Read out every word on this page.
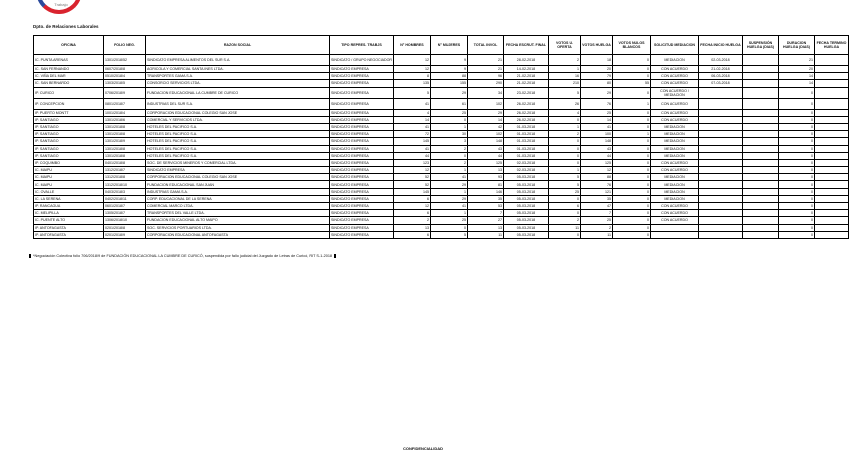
Trabajo
Dpto. de Relaciones Laborales
OFICINA	FOLIO NEG.	RAZON SOCIAL	TIPO REPRES. TRABJS	N° HOMBRES	N° MUJERES	TOTAL INVOL	FECHA ESCRUT. FINAL	VOTOS U. OFERTA	VOTOS HUELGA	VOTOS NULOS BLANCOS	SOLICITUD MEDIACION	FECHA INICIO HUELGA	SUSPENSIÓN HUELGA (DIAS)	DURACION HUELGA (DIAS)	FECHA TERMINO HUELGA
IC. PUNTA ARENAS	1301/2018/52	SINDICATO EMPRESA ALIMENTOS DEL SUR S.A.	SINDICATO / GRUPO NEGOCIADOR	12	9	21	28-02-2018	2	18	0	MEDIACION	02-03-2018		21	
IC. SAN FERNANDO	0607/2018/8	AGRICOLA Y COMERCIAL SANTA INES LTDA.	SINDICATO EMPRESA	12	9	21	14-02-2018	1	20	0	CON ACUERDO	21-02-2018		20	
IC. VIÑA DEL MAR	0510/2018/4	TRANSPORTES GAMA S.A.	SINDICATO EMPRESA	8	88	96	21-02-2018	16	79	0	CON ACUERDO	06-03-2018		14	
IC. SAN BERNARDO	1303/2018/5	CONSORCIO SERVICIOS LTDA.	SINDICATO EMPRESA	135	155	290	21-02-2018	210	80	55	CON ACUERDO	07-03-2018		14	
IP. CURICO	0706/2018/9	FUNDACION EDUCACIONAL LA CUMBRE DE CURICO	SINDICATO EMPRESA	5	29	34	23-02-2018	5	29	0	CON ACUERDO / MEDIACION			0	
IP. CONCEPCION	0801/2018/7	INDUSTRIAS DEL SUR S.A.	SINDICATO EMPRESA	41	61	102	26-02-2018	26	76	1	CON ACUERDO			0	
IP. PUERTO MONTT	1001/2018/4	CORPORACION EDUCACIONAL COLEGIO SAN JOSE	SINDICATO EMPRESA	4	25	29	26-02-2018	4	25	0	CON ACUERDO			0	
IP. SANTIAGO	1301/2018/6	COMERCIAL Y SERVICIOS LTDA.	SINDICATO EMPRESA	14	0	14	26-02-2018	0	14	0	CON ACUERDO			0	
IP. SANTIAGO	1301/2018/8	HOTELES DEL PACIFICO S.A.	SINDICATO EMPRESA	41	1	42	01-03-2018	1	41	0	MEDIACION			0	
IP. SANTIAGO	1301/2018/8	HOTELES DEL PACIFICO S.A.	SINDICATO EMPRESA	72	30	102	01-03-2018	2	100	1	MEDIACION			0	
IP. SANTIAGO	1301/2018/9	HOTELES DEL PACIFICO S.A.	SINDICATO EMPRESA	145	3	148	01-03-2018	0	148	0	MEDIACION			0	
IP. SANTIAGO	1301/2018/8	HOTELES DEL PACIFICO S.A.	SINDICATO EMPRESA	41	2	43	01-03-2018	0	43	0	MEDIACION			0	
IP. SANTIAGO	1301/2018/8	HOTELES DEL PACIFICO S.A.	SINDICATO EMPRESA	44	0	44	01-03-2018	0	44	0	MEDIACION			0	
IP. COQUIMBO	0401/2018/8	SOC. DE SERVICIOS MINEROS Y COMERCIAL LTDA.	SINDICATO EMPRESA	123	2	125	02-03-2018	0	125	0	CON ACUERDO			0	
IC. MAIPU	1312/2018/7	SINDICATO EMPRESA	SINDICATO EMPRESA	12	1	13	02-03-2018	1	12	0	CON ACUERDO			0	
IC. MAIPU	1312/2018/8	CORPORACION EDUCACIONAL COLEGIO SAN JOSE	SINDICATO EMPRESA	52	41	93	05-03-2018	5	88	0	MEDIACION			0	
IC. MAIPU	1312/2018/10	FUNDACION EDUCACIONAL SAN JUAN	SINDICATO EMPRESA	52	29	81	05-03-2018	5	76	0	MEDIACION			0	
IC. OVALLE	0403/2018/3	INDUSTRIAS GAMA S.A.	SINDICATO EMPRESA	145	1	146	05-03-2018	25	121	0	MEDIACION			0	
IC. LA SERENA	0402/2018/11	CORP. EDUCACIONAL DE LA SERENA	SINDICATO EMPRESA	6	29	35	05-03-2018	0	35	0	MEDIACION			0	
IP. RANCAGUA	0601/2018/7	COMERCIAL MARCO LTDA.	SINDICATO EMPRESA	12	41	53	05-03-2018	6	47	0	CON ACUERDO			0	
IC. MELIPILLA	1305/2018/7	TRANSPORTES DEL VALLE LTDA.	SINDICATO EMPRESA	6	1	7	05-03-2018	0	7	0	CON ACUERDO			0	
IC. PUENTE ALTO	1306/2018/10	FUNDACION EDUCACIONAL ALTO MAIPO	SINDICATO EMPRESA	2	25	27	05-03-2018	2	25	0	CON ACUERDO			0	
IP. ANTOFAGASTA	0201/2018/8	SOC. SERVICIOS PORTUARIOS LTDA.	SINDICATO EMPRESA	13	0	13	05-03-2018	11	2	0				0	
IP. ANTOFAGASTA	0201/2018/9	CORPORACION EDUCACIONAL ANTOFAGASTA	SINDICATO EMPRESA	6	5	11	05-03-2018	0	11	0				0	
*Negociación Colectiva folio 706/2018/9 de FUNDACIÓN EDUCACIONAL LA CUMBRE DE CURICÓ, suspendida por fallo judicial del Juzgado de Letras de Curicó, RIT S-1-2018
CONFIDENCIALIDAD
